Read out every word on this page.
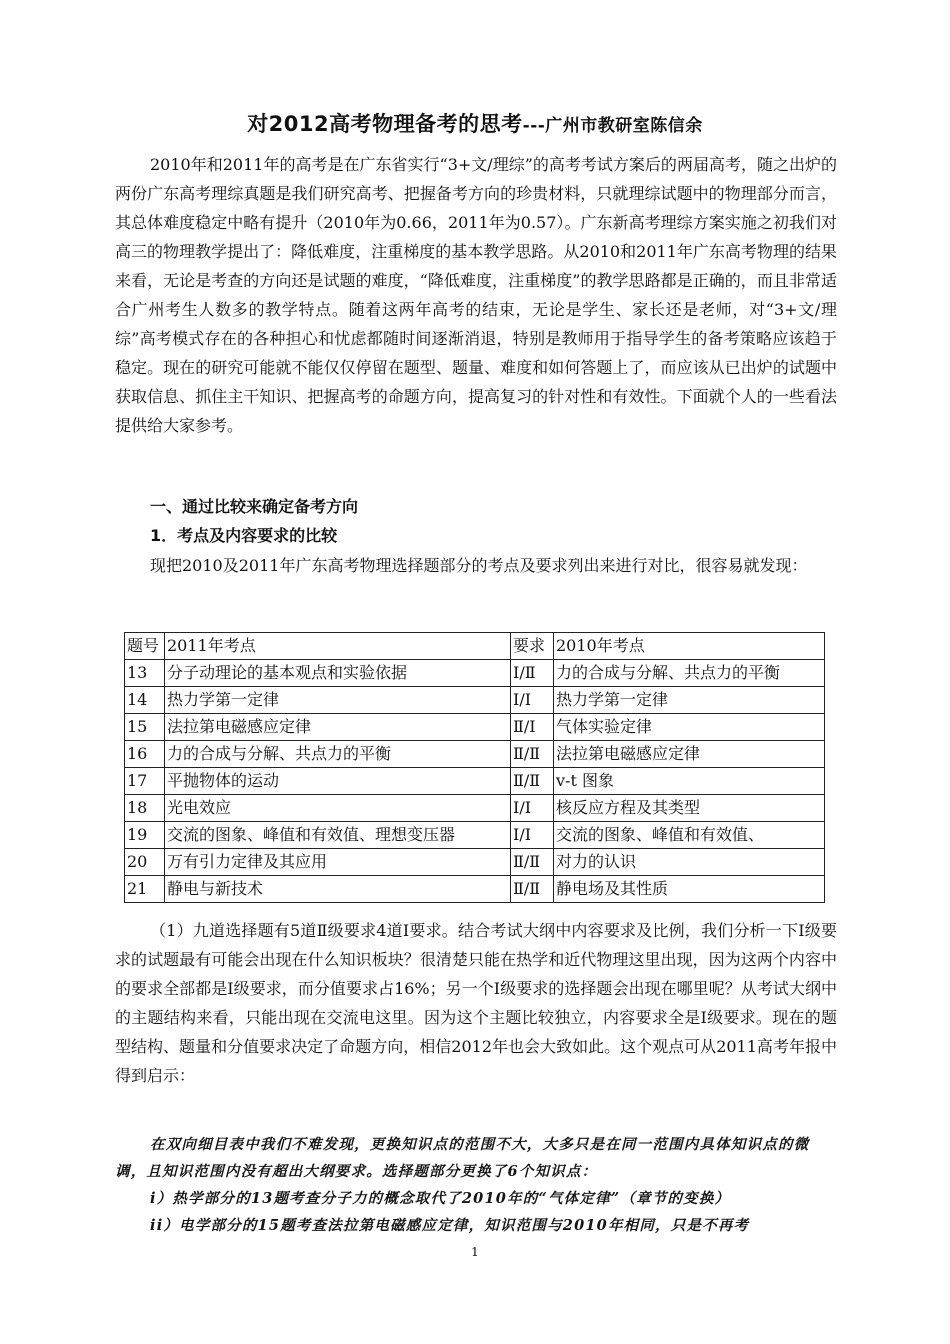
对2012高考物理备考的思考---广州市教研室陈信余

2010年和2011年的高考是在广东省实行“3+文/理综”的高考考试方案后的两届高考，随之出炉的两份广东高考理综真题是我们研究高考、把握备考方向的珍贵材料，只就理综试题中的物理部分而言，其总体难度稳定中略有提升（2010年为0.66，2011年为0.57）。广东新高考理综方案实施之初我们对高三的物理教学提出了：降低难度，注重梯度的基本教学思路。从2010和2011年广东高考物理的结果来看，无论是考查的方向还是试题的难度，“降低难度，注重梯度”的教学思路都是正确的，而且非常适合广州考生人数多的教学特点。随着这两年高考的结束，无论是学生、家长还是老师，对“3+文/理综”高考模式存在的各种担心和忧虑都随时间逐渐消退，特别是教师用于指导学生的备考策略应该趋于稳定。现在的研究可能就不能仅仅停留在题型、题量、难度和如何答题上了，而应该从已出炉的试题中获取信息、抓住主干知识、把握高考的命题方向，提高复习的针对性和有效性。下面就个人的一些看法提供给大家参考。

一、通过比较来确定备考方向

1．考点及内容要求的比较

现把2010及2011年广东高考物理选择题部分的考点及要求列出来进行对比，很容易就发现：

题号	2011年考点	要求	2010年考点
13	分子动理论的基本观点和实验依据	Ⅰ/Ⅱ	力的合成与分解、共点力的平衡
14	热力学第一定律	Ⅰ/Ⅰ	热力学第一定律
15	法拉第电磁感应定律	Ⅱ/Ⅰ	气体实验定律
16	力的合成与分解、共点力的平衡	Ⅱ/Ⅱ	法拉第电磁感应定律
17	平抛物体的运动	Ⅱ/Ⅱ	v-t 图象
18	光电效应	Ⅰ/Ⅰ	核反应方程及其类型
19	交流的图象、峰值和有效值、理想变压器	Ⅰ/Ⅰ	交流的图象、峰值和有效值、
20	万有引力定律及其应用	Ⅱ/Ⅱ	对力的认识
21	静电与新技术	Ⅱ/Ⅱ	静电场及其性质

（1）九道选择题有5道Ⅱ级要求4道Ⅰ要求。结合考试大纲中内容要求及比例，我们分析一下Ⅰ级要求的试题最有可能会出现在什么知识板块？很清楚只能在热学和近代物理这里出现，因为这两个内容中的要求全部都是Ⅰ级要求，而分值要求占16%；另一个Ⅰ级要求的选择题会出现在哪里呢？从考试大纲中的主题结构来看，只能出现在交流电这里。因为这个主题比较独立，内容要求全是Ⅰ级要求。现在的题型结构、题量和分值要求决定了命题方向，相信2012年也会大致如此。这个观点可从2011高考年报中得到启示：

在双向细目表中我们不难发现，更换知识点的范围不大，大多只是在同一范围内具体知识点的微调，且知识范围内没有超出大纲要求。选择题部分更换了6个知识点：

i）热学部分的13题考查分子力的概念取代了2010年的“气体定律”（章节的变换）

ii）电学部分的15题考查法拉第电磁感应定律，知识范围与2010年相同，只是不再考

1
